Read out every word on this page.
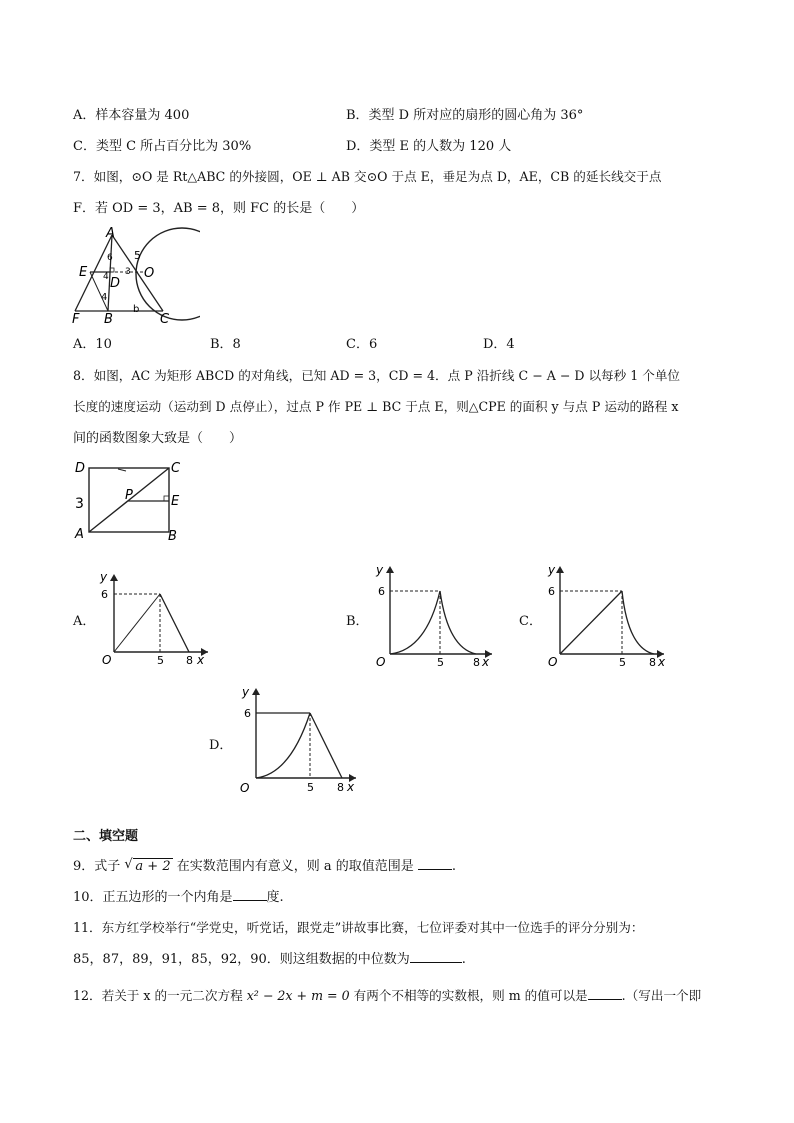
A．样本容量为 400	B．类型 D 所对应的扇形的圆心角为 36°
C．类型 C 所占百分比为 30%	D．类型 E 的人数为 120 人
7．如图，⊙O 是 Rt△ABC 的外接圆，OE ⊥ AB 交⊙O 于点 E，垂足为点 D，AE，CB 的延长线交于点
F．若 OD = 3，AB = 8，则 FC 的长是（　　）
A
E
D
O
F B	C
5
3
4
b
4
6
A．10	B．8	C．6	D．4
8．如图，AC 为矩形 ABCD 的对角线，已知 AD = 3，CD = 4．点 P 沿折线 C − A − D 以每秒 1 个单位
长度的速度运动（运动到 D 点停止），过点 P 作 PE ⊥ BC 于点 E，则△CPE 的面积 y 与点 P 运动的路程 x
间的函数图象大致是（　　）
D	C
P	E
A	B
3
A．
y
6
O	5 8 x
B．
y
6
O	5	8 x
C．
y
6
O	5 8 x
D．
y
6
O	5 8 x
二、填空题
9．式子 √ a + 2 在实数范围内有意义，则 a 的取值范围是	.
10．正五边形的一个内角是	度.
11．东方红学校举行“学党史，听党话，跟党走”讲故事比赛，七位评委对其中一位选手的评分分别为：
85，87，89，91，85，92，90．则这组数据的中位数为	.
12．若关于 x 的一元二次方程 x² − 2x + m = 0 有两个不相等的实数根，则 m 的值可以是	.（写出一个即
